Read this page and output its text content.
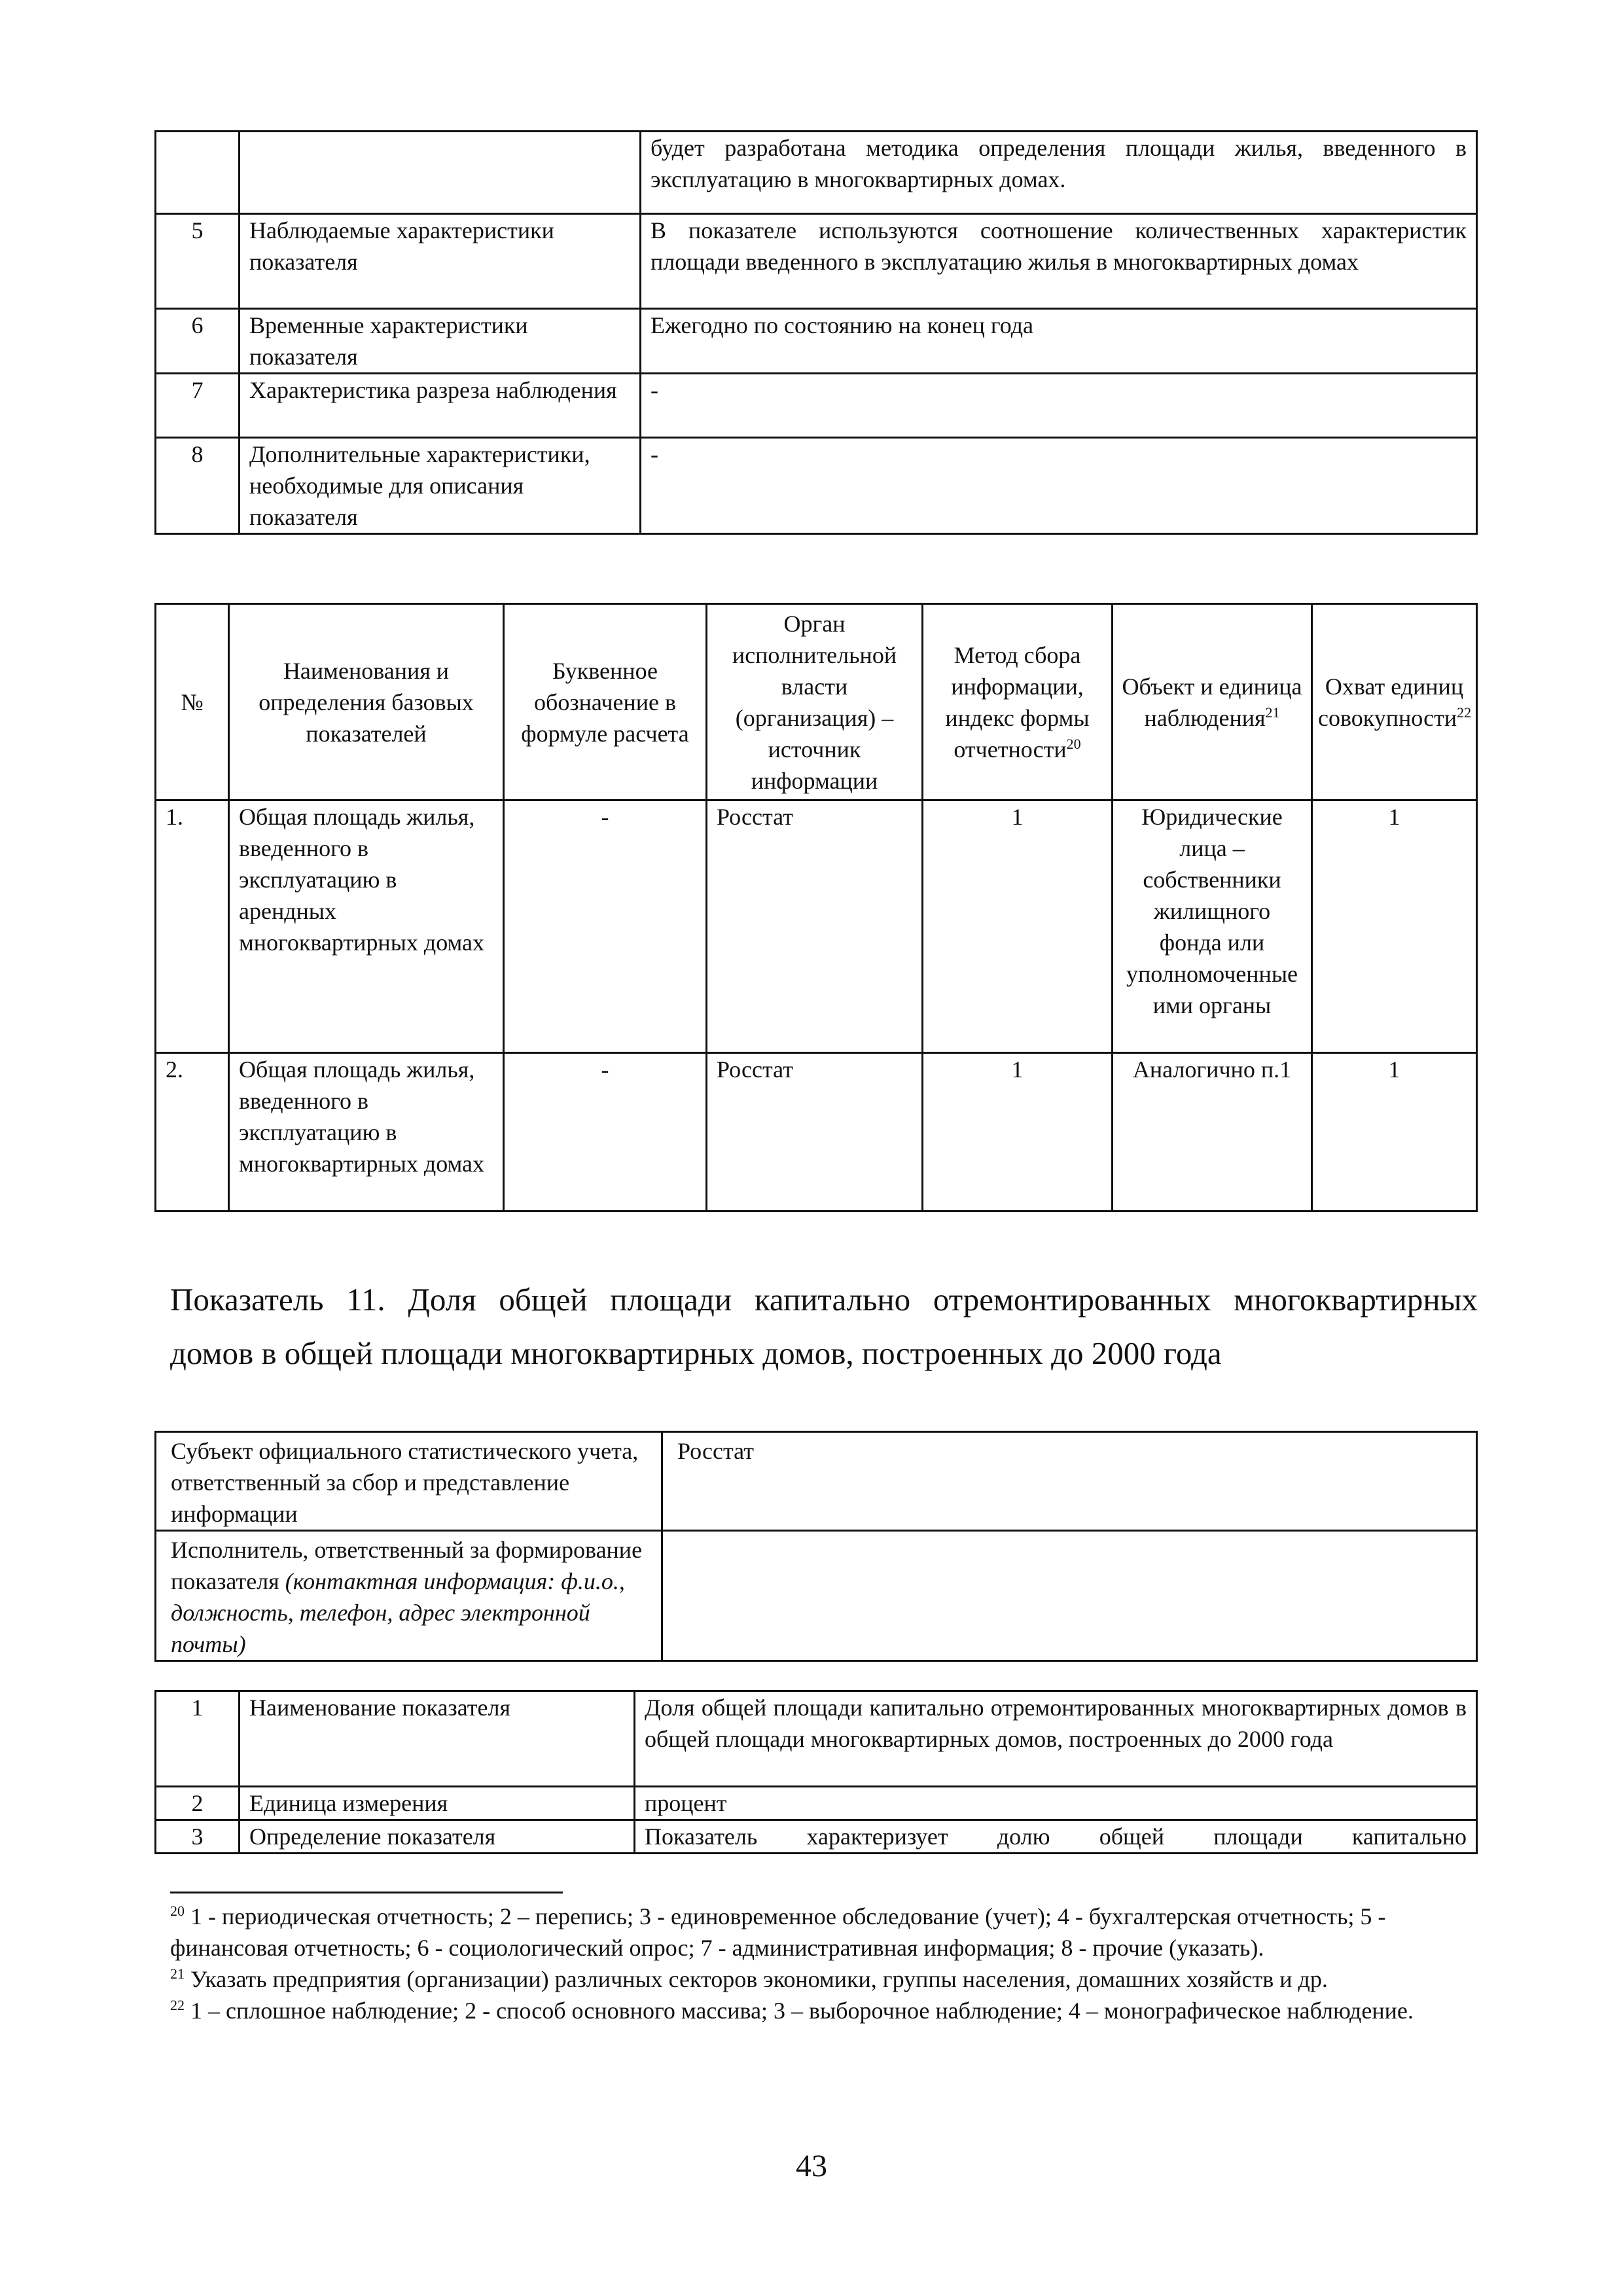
		будет разработана методика определения площади жилья, введенного в эксплуатацию в многоквартирных домах.
5	Наблюдаемые характеристики показателя	В показателе используются соотношение количественных характеристик площади введенного в эксплуатацию жилья в многоквартирных домах
6	Временные характеристики показателя	Ежегодно по состоянию на конец года
7	Характеристика разреза наблюдения	-
8	Дополнительные характеристики, необходимые для описания показателя	-
№	Наименования и определения базовых показателей	Буквенное обозначение в формуле расчета	Орган исполнительной власти (организация) – источник информации	Метод сбора информации, индекс формы отчетности$^{20}$	Объект и единица наблюдения$^{21}$	Охват единиц совокупности$^{22}$
1.	Общая площадь жилья, введенного в эксплуатацию в арендных многоквартирных домах	-	Росстат	1	Юридические лица – собственники жилищного фонда или уполномоченные ими органы	1
2.	Общая площадь жилья, введенного в эксплуатацию в многоквартирных домах	-	Росстат	1	Аналогично п.1	1
Показатель 11. Доля общей площади капитально отремонтированных многоквартирных
домов в общей площади многоквартирных домов, построенных до 2000 года
Субъект официального статистического учета, ответственный за сбор и представление информации	Росстат
Исполнитель, ответственный за формирование показателя (контактная информация: ф.и.о., должность, телефон, адрес электронной почты)	
1	Наименование показателя	Доля общей площади капитально отремонтированных многоквартирных домов в общей площади многоквартирных домов, построенных до 2000 года
2	Единица измерения	процент
3	Определение показателя	Показатель характеризует долю общей площади капитально

$^{20}$ 1 - периодическая отчетность; 2 – перепись; 3 - единовременное обследование (учет); 4 - бухгалтерская отчетность; 5 - финансовая отчетность; 6 - социологический опрос; 7 - административная информация; 8 - прочие (указать).

$^{21}$ Указать предприятия (организации) различных секторов экономики, группы населения, домашних хозяйств и др.

$^{22}$ 1 – сплошное наблюдение; 2 - способ основного массива; 3 – выборочное наблюдение; 4 – монографическое наблюдение.

43
